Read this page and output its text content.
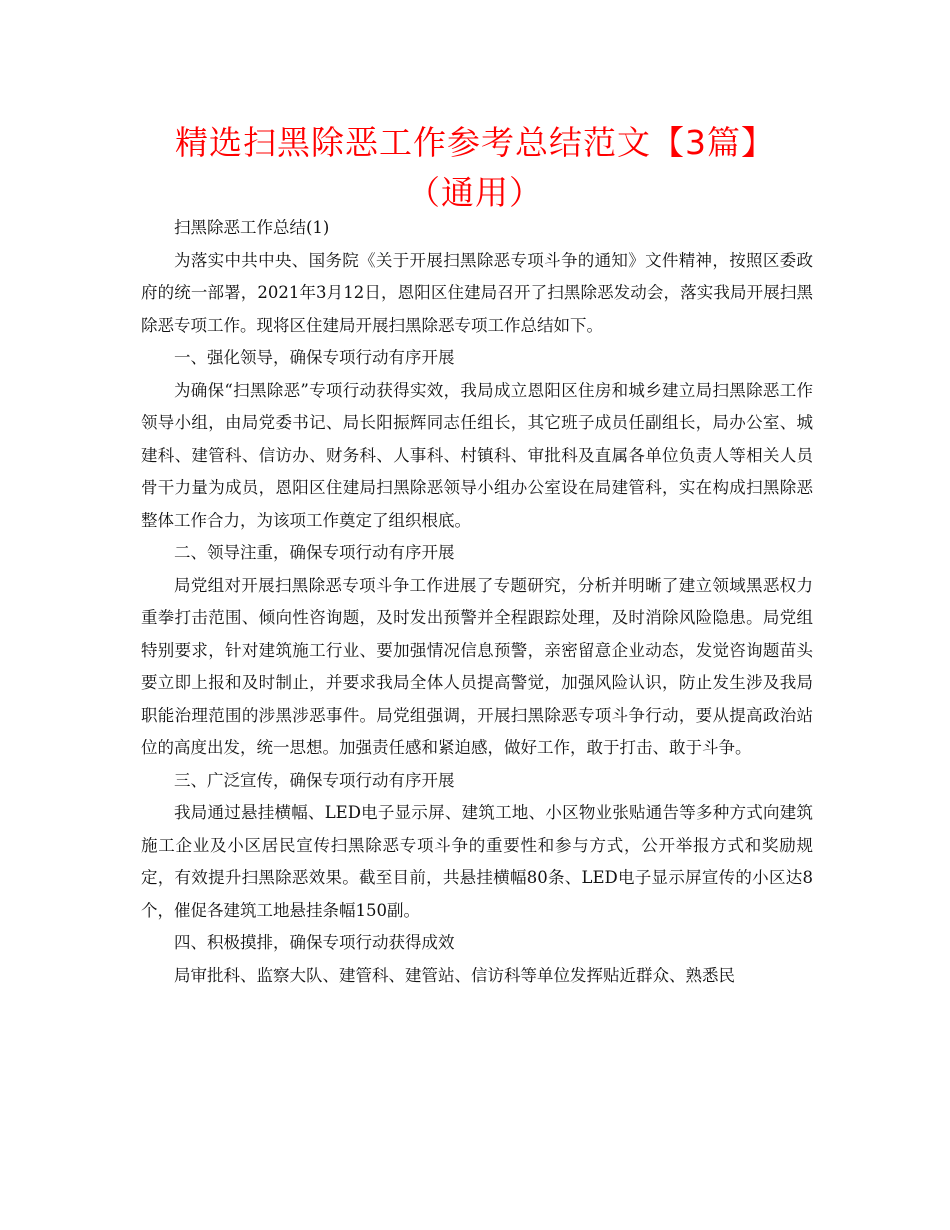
精选扫黑除恶工作参考总结范文【3篇】（通用）

扫黑除恶工作总结(1)

为落实中共中央、国务院《关于开展扫黑除恶专项斗争的通知》文件精神，按照区委政府的统一部署，2021年3月12日，恩阳区住建局召开了扫黑除恶发动会，落实我局开展扫黑除恶专项工作。现将区住建局开展扫黑除恶专项工作总结如下。

一、强化领导，确保专项行动有序开展

为确保“扫黑除恶”专项行动获得实效，我局成立恩阳区住房和城乡建立局扫黑除恶工作领导小组，由局党委书记、局长阳振辉同志任组长，其它班子成员任副组长，局办公室、城建科、建管科、信访办、财务科、人事科、村镇科、审批科及直属各单位负责人等相关人员骨干力量为成员，恩阳区住建局扫黑除恶领导小组办公室设在局建管科，实在构成扫黑除恶整体工作合力，为该项工作奠定了组织根底。

二、领导注重，确保专项行动有序开展

局党组对开展扫黑除恶专项斗争工作进展了专题研究，分析并明晰了建立领域黑恶权力重拳打击范围、倾向性咨询题，及时发出预警并全程跟踪处理，及时消除风险隐患。局党组特别要求，针对建筑施工行业、要加强情况信息预警，亲密留意企业动态，发觉咨询题苗头要立即上报和及时制止，并要求我局全体人员提高警觉，加强风险认识，防止发生涉及我局职能治理范围的涉黑涉恶事件。局党组强调，开展扫黑除恶专项斗争行动，要从提高政治站位的高度出发，统一思想。加强责任感和紧迫感，做好工作，敢于打击、敢于斗争。

三、广泛宣传，确保专项行动有序开展

我局通过悬挂横幅、LED电子显示屏、建筑工地、小区物业张贴通告等多种方式向建筑施工企业及小区居民宣传扫黑除恶专项斗争的重要性和参与方式，公开举报方式和奖励规定，有效提升扫黑除恶效果。截至目前，共悬挂横幅80条、LED电子显示屏宣传的小区达8个，催促各建筑工地悬挂条幅150副。

四、积极摸排，确保专项行动获得成效

局审批科、监察大队、建管科、建管站、信访科等单位发挥贴近群众、熟悉民
